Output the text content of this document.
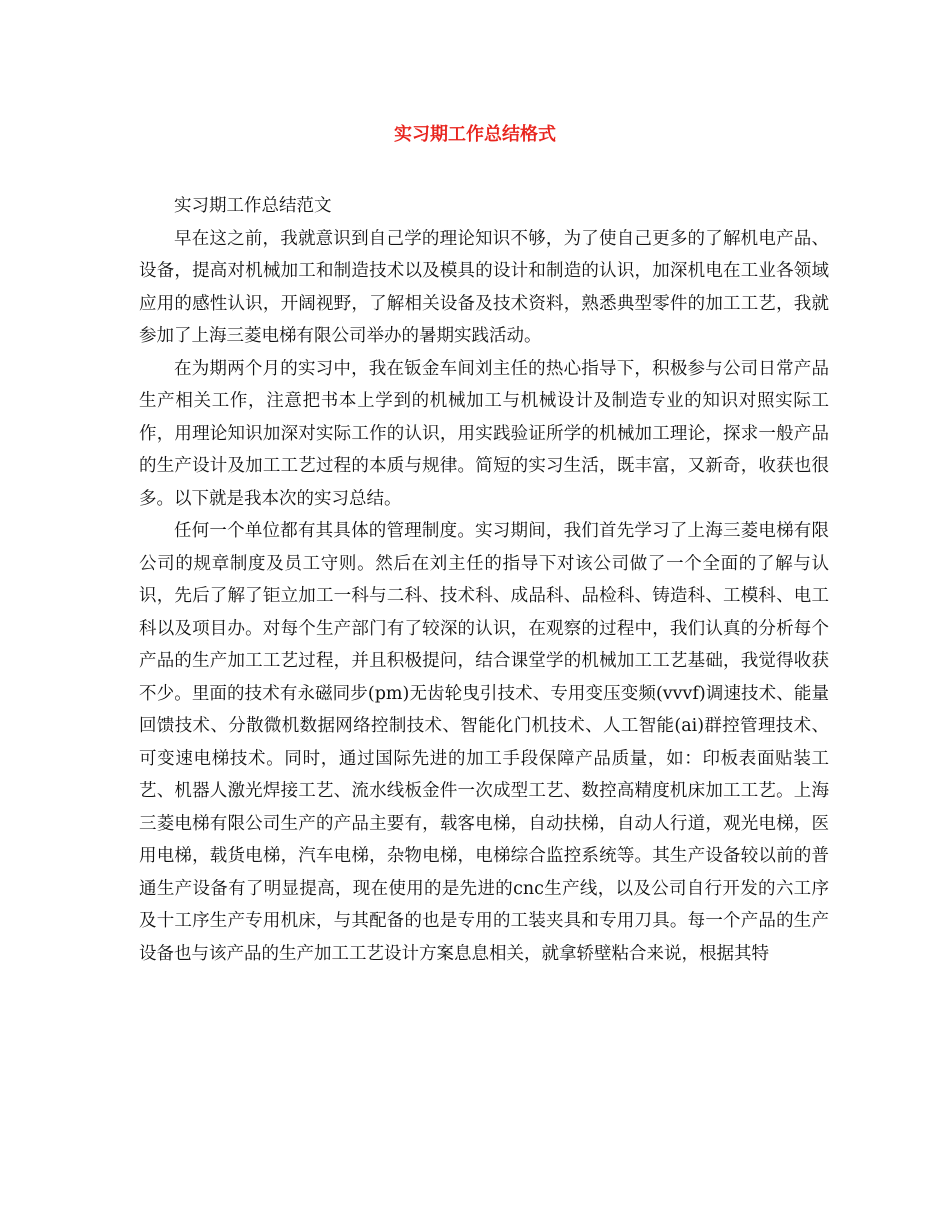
实习期工作总结格式

实习期工作总结范文

早在这之前，我就意识到自己学的理论知识不够，为了使自己更多的了解机电产品、设备，提高对机械加工和制造技术以及模具的设计和制造的认识，加深机电在工业各领域应用的感性认识，开阔视野，了解相关设备及技术资料，熟悉典型零件的加工工艺，我就参加了上海三菱电梯有限公司举办的暑期实践活动。

在为期两个月的实习中，我在钣金车间刘主任的热心指导下，积极参与公司日常产品生产相关工作，注意把书本上学到的机械加工与机械设计及制造专业的知识对照实际工作，用理论知识加深对实际工作的认识，用实践验证所学的机械加工理论，探求一般产品的生产设计及加工工艺过程的本质与规律。简短的实习生活，既丰富，又新奇，收获也很多。以下就是我本次的实习总结。

任何一个单位都有其具体的管理制度。实习期间，我们首先学习了上海三菱电梯有限公司的规章制度及员工守则。然后在刘主任的指导下对该公司做了一个全面的了解与认识，先后了解了钜立加工一科与二科、技术科、成品科、品检科、铸造科、工模科、电工科以及项目办。对每个生产部门有了较深的认识，在观察的过程中，我们认真的分析每个产品的生产加工工艺过程，并且积极提问，结合课堂学的机械加工工艺基础，我觉得收获不少。里面的技术有永磁同步(pm)无齿轮曳引技术、专用变压变频(vvvf)调速技术、能量回馈技术、分散微机数据网络控制技术、智能化门机技术、人工智能(ai)群控管理技术、可变速电梯技术。同时，通过国际先进的加工手段保障产品质量，如：印板表面贴装工艺、机器人激光焊接工艺、流水线板金件一次成型工艺、数控高精度机床加工工艺。上海三菱电梯有限公司生产的产品主要有，载客电梯，自动扶梯，自动人行道，观光电梯，医用电梯，载货电梯，汽车电梯，杂物电梯，电梯综合监控系统等。其生产设备较以前的普通生产设备有了明显提高，现在使用的是先进的cnc生产线，以及公司自行开发的六工序及十工序生产专用机床，与其配备的也是专用的工装夹具和专用刀具。每一个产品的生产设备也与该产品的生产加工工艺设计方案息息相关，就拿轿壁粘合来说，根据其特
